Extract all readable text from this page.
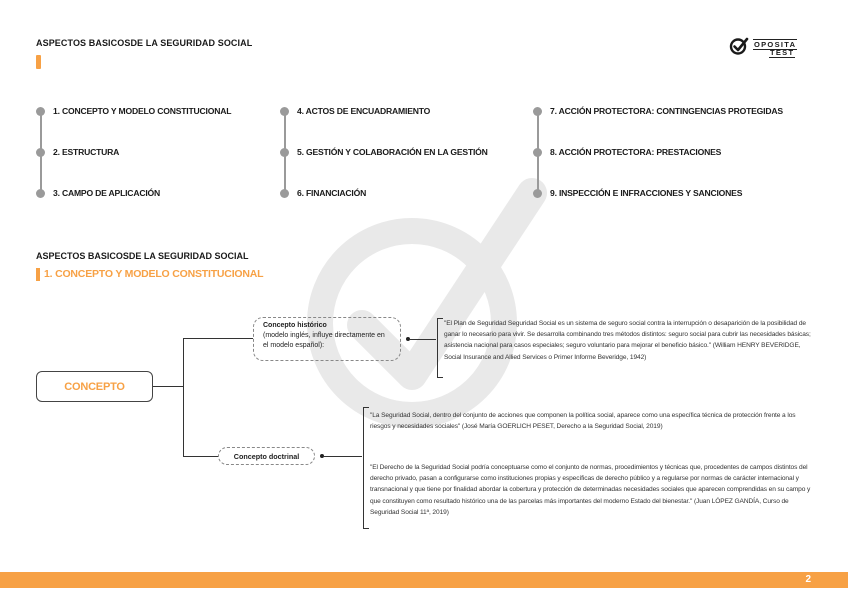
ASPECTOS BASICOSDE LA SEGURIDAD SOCIAL	OPOSITA
TEST
1. CONCEPTO Y MODELO CONSTITUCIONAL
2. ESTRUCTURA
3. CAMPO DE APLICACIÓN
4. ACTOS DE ENCUADRAMIENTO
5. GESTIÓN Y COLABORACIÓN EN LA GESTIÓN
6. FINANCIACIÓN
7. ACCIÓN PROTECTORA: CONTINGENCIAS PROTEGIDAS
8. ACCIÓN PROTECTORA: PRESTACIONES
9. INSPECCIÓN E INFRACCIONES Y SANCIONES
ASPECTOS BASICOSDE LA SEGURIDAD SOCIAL
1. CONCEPTO Y MODELO CONSTITUCIONAL
CONCEPTO
Concepto histórico
(modelo inglés, influye directamente en el modelo español):
Concepto doctrinal
"El Plan de Seguridad Seguridad Social es un sistema de seguro social contra la interrupción o desaparición de la posibilidad de ganar lo necesario para vivir. Se desarrolla combinando tres métodos distintos: seguro social para cubrir las necesidades básicas; asistencia nacional para casos especiales; seguro voluntario para mejorar el beneficio básico." (William HENRY BEVERIDGE, Social Insurance and Allied Services o Primer Informe Beveridge, 1942)
"La Seguridad Social, dentro del conjunto de acciones que componen la política social, aparece como una específica técnica de protección frente a los riesgos y necesidades sociales" (José María GOERLICH PESET, Derecho a la Seguridad Social, 2019)
"El Derecho de la Seguridad Social podría conceptuarse como el conjunto de normas, procedimientos y técnicas que, procedentes de campos distintos del derecho privado, pasan a configurarse como instituciones propias y específicas de derecho público y a regularse por normas de carácter internacional y transnacional y que tiene por finalidad abordar la cobertura y protección de determinadas necesidades sociales que aparecen comprendidas en su campo y que constituyen como resultado histórico una de las parcelas más importantes del moderno Estado del bienestar." (Juan LÓPEZ GANDÍA, Curso de Seguridad Social 11ª, 2019)
2
